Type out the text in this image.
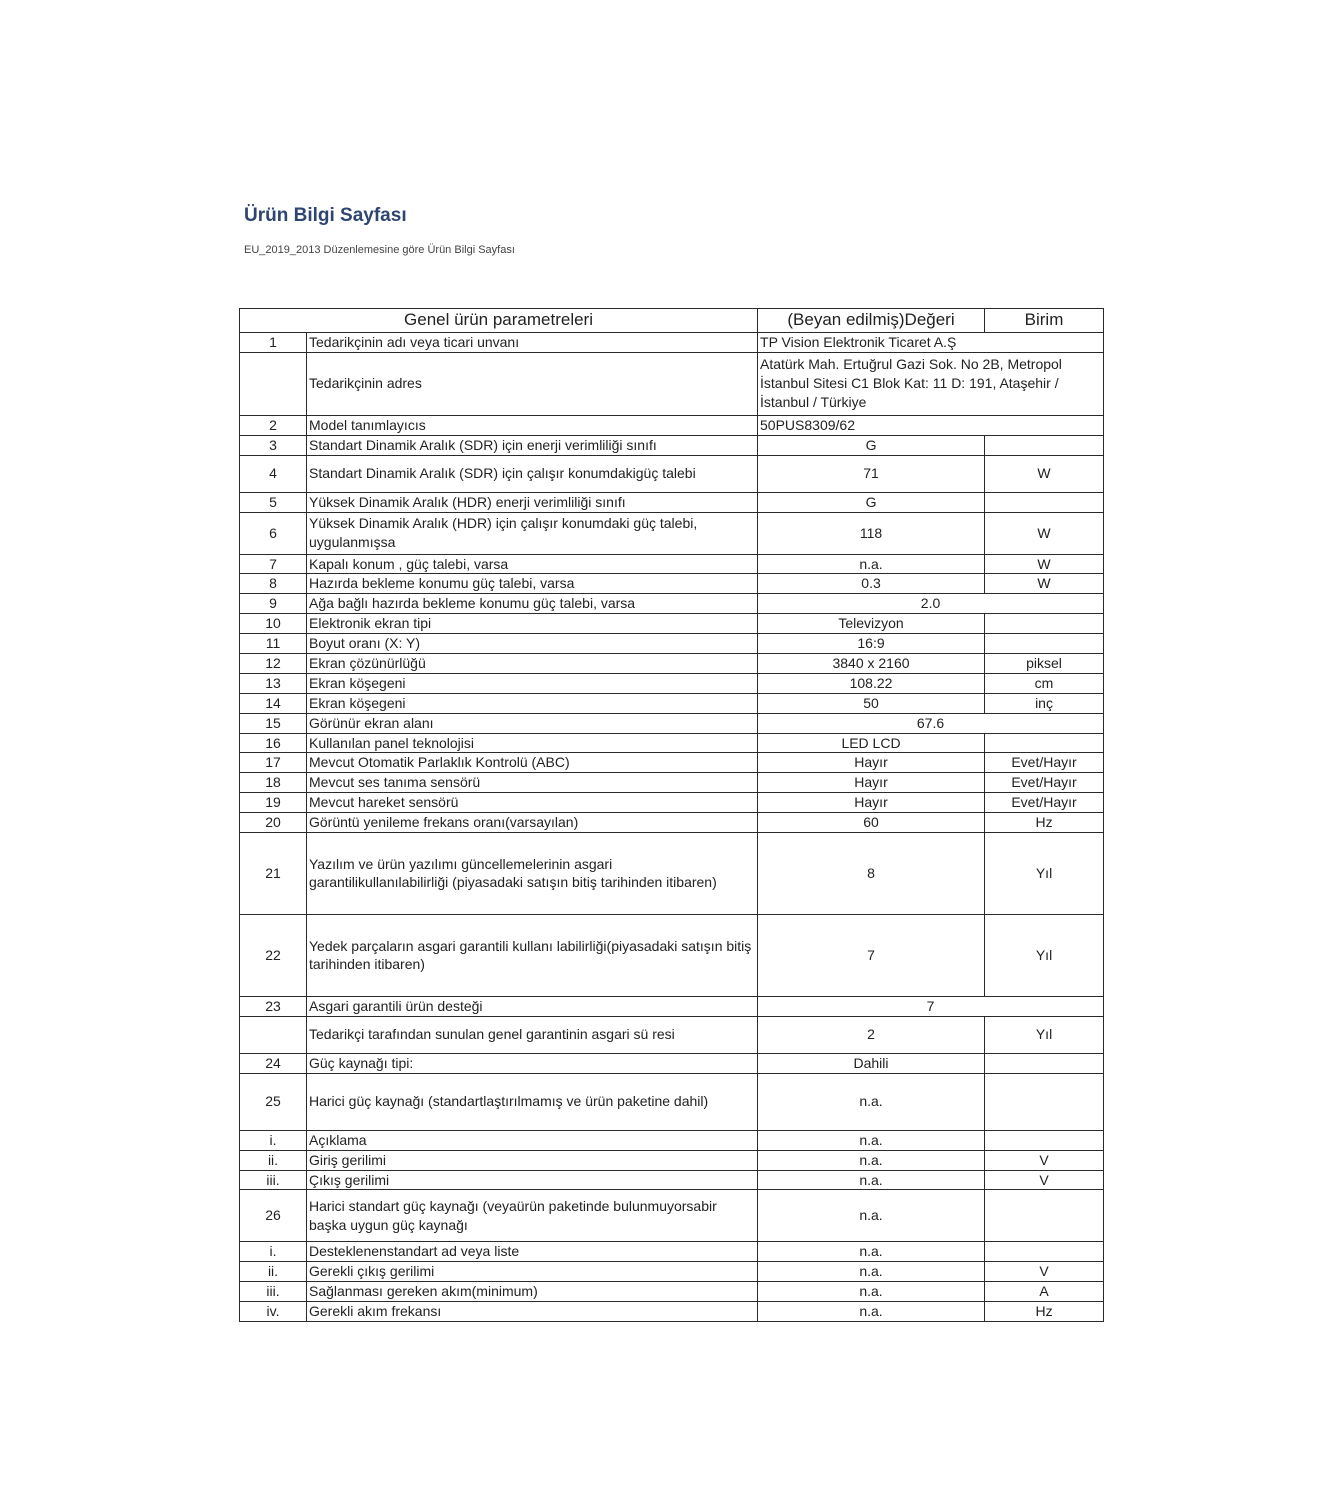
Ürün Bilgi Sayfası

EU_2019_2013 Düzenlemesine göre Ürün Bilgi Sayfası

Genel ürün parametreleri		(Beyan edilmiş)Değeri	Birim
1	Tedarikçinin adı veya ticari unvanı	TP Vision Elektronik Ticaret A.Ş	
	Tedarikçinin adres	Atatürk Mah. Ertuğrul Gazi Sok. No 2B, Metropol İstanbul Sitesi C1 Blok Kat: 11 D: 191, Ataşehir / İstanbul / Türkiye	
2	Model tanımlayıcıs	50PUS8309/62	
3	Standart Dinamik Aralık (SDR) için enerji verimliliği sınıfı	G	
4	Standart Dinamik Aralık (SDR) için çalışır konumdakigüç talebi	71	W
5	Yüksek Dinamik Aralık (HDR) enerji verimliliği sınıfı	G	
6	Yüksek Dinamik Aralık (HDR) için çalışır konumdaki güç talebi, uygulanmışsa	118	W
7	Kapalı konum , güç talebi, varsa	n.a.	W
8	Hazırda bekleme konumu güç talebi, varsa	0.3	W
9	Ağa bağlı hazırda bekleme konumu güç talebi, varsa	2.0	
10	Elektronik ekran tipi	Televizyon	
11	Boyut oranı (X: Y)	16:9	
12	Ekran çözünürlüğü	3840 x 2160	piksel
13	Ekran köşegeni	108.22	cm
14	Ekran köşegeni	50	inç
15	Görünür ekran alanı	67.6	
16	Kullanılan panel teknolojisi	LED LCD	
17	Mevcut Otomatik Parlaklık Kontrolü (ABC)	Hayır	Evet/Hayır
18	Mevcut ses tanıma sensörü	Hayır	Evet/Hayır
19	Mevcut hareket sensörü	Hayır	Evet/Hayır
20	Görüntü yenileme frekans oranı(varsayılan)	60	Hz
21	Yazılım ve ürün yazılımı güncellemelerinin asgari garantilikullanılabilirliği (piyasadaki satışın bitiş tarihinden itibaren)	8	Yıl
22	Yedek parçaların asgari garantili kullanı labilirliği(piyasadaki satışın bitiş tarihinden itibaren)	7	Yıl
23	Asgari garantili ürün desteği	7	
	Tedarikçi tarafından sunulan genel garantinin asgari sü resi	2	Yıl
24	Güç kaynağı tipi:	Dahili	
25	Harici güç kaynağı (standartlaştırılmamış ve ürün paketine dahil)	n.a.	
i.	Açıklama	n.a.	
ii.	Giriş gerilimi	n.a.	V
iii.	Çıkış gerilimi	n.a.	V
26	Harici standart güç kaynağı (veyaürün paketinde bulunmuyorsabir başka uygun güç kaynağı	n.a.	
i.	Desteklenenstandart ad veya liste	n.a.	
ii.	Gerekli çıkış gerilimi	n.a.	V
iii.	Sağlanması gereken akım(minimum)	n.a.	A
iv.	Gerekli akım frekansı	n.a.	Hz
